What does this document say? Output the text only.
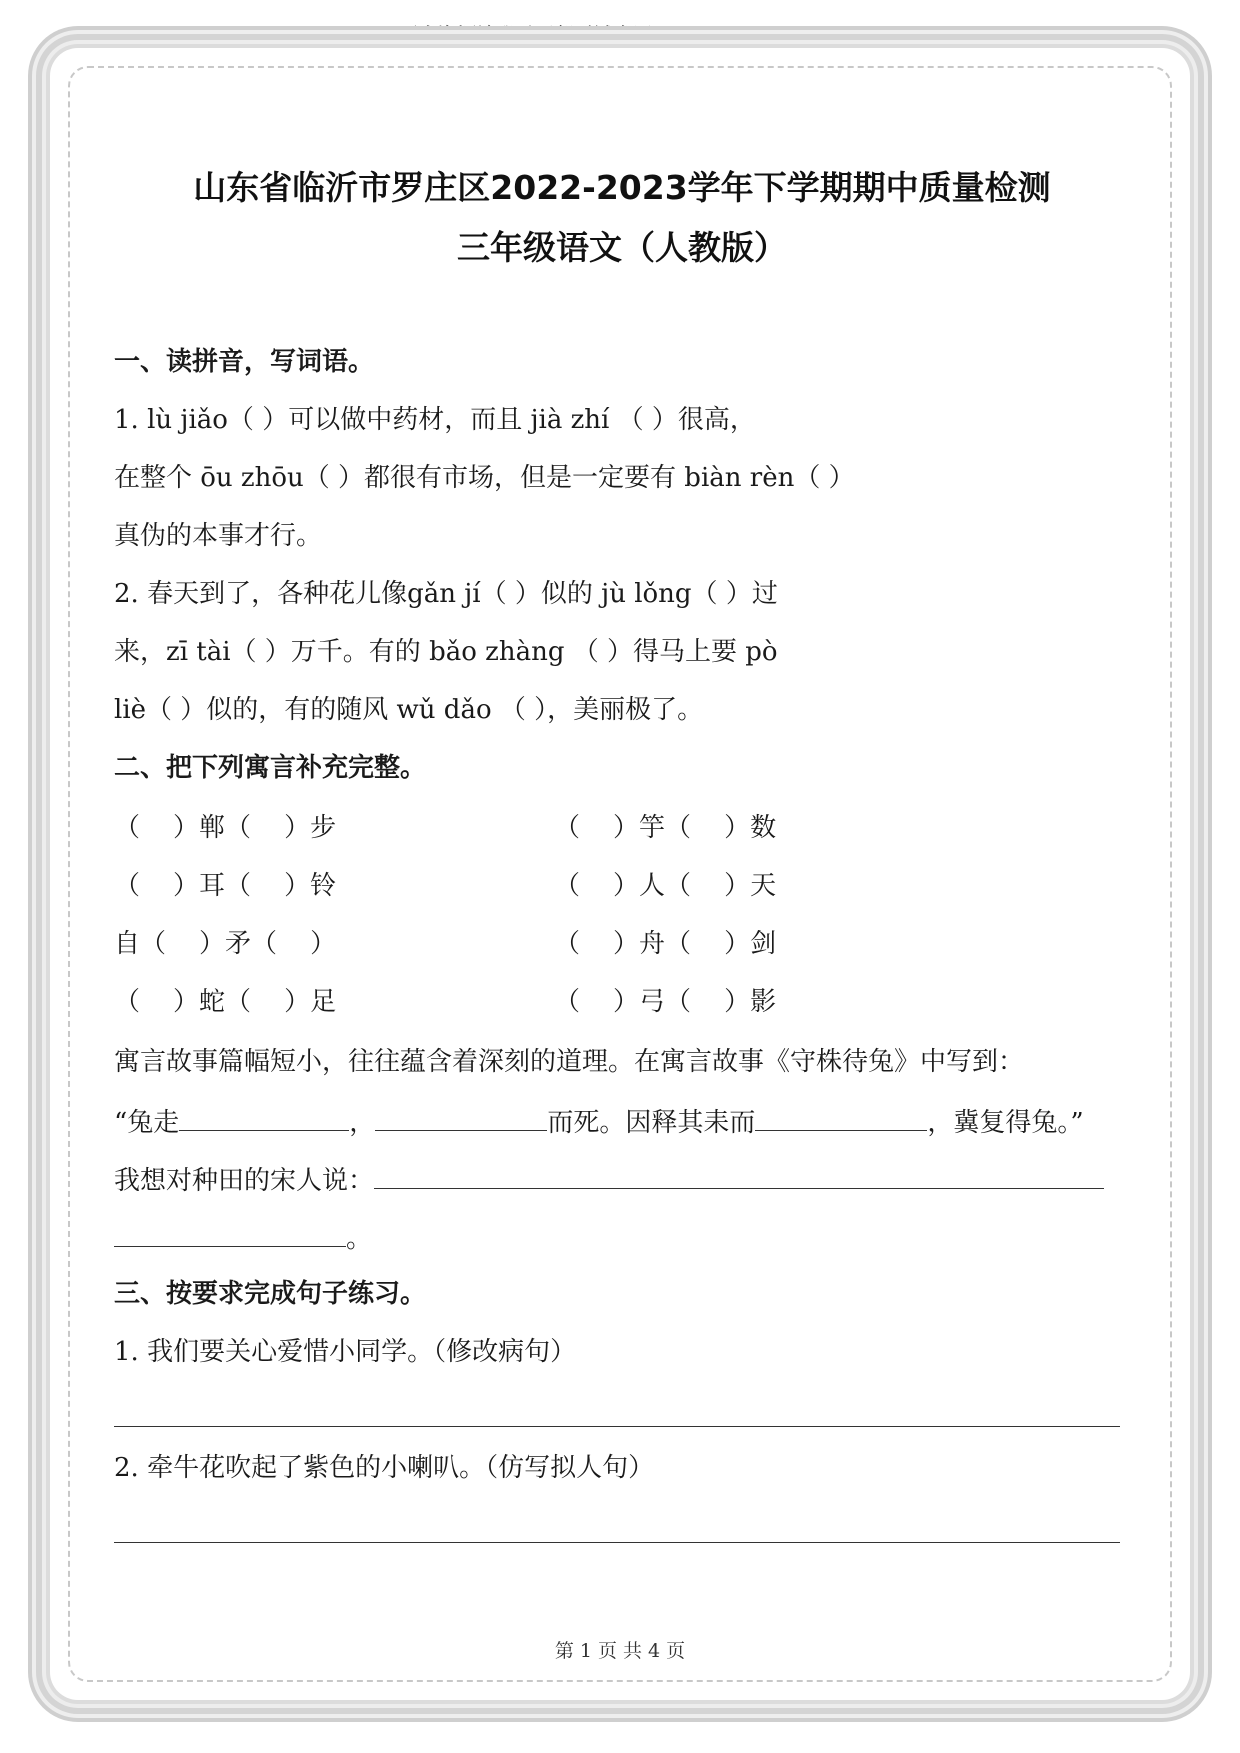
更多资源请登录王朝霞试卷网(www.wzxsjw.com)
山东省临沂市罗庄区2022-2023学年下学期期中质量检测
三年级语文（人教版）
一、读拼音，写词语。
1. lù jiǎo（ ）可以做中药材，而且 jià zhí （ ）很高，
在整个 ōu zhōu（ ）都很有市场，但是一定要有 biàn rèn（ ）
真伪的本事才行。
2. 春天到了，各种花儿像gǎn jí（ ）似的 jù lǒng（ ）过
来，zī tài（ ）万千。有的 bǎo zhàng （ ）得马上要 pò
liè（ ）似的，有的随风 wǔ dǎo （ ），美丽极了。
二、把下列寓言补充完整。
（    ）郸（    ）步	（    ）竽（    ）数
（    ）耳（    ）铃	（    ）人（    ）天
自（    ）矛（    ）	（    ）舟（    ）剑
（    ）蛇（    ）足	（    ）弓（    ）影
寓言故事篇幅短小，往往蕴含着深刻的道理。在寓言故事《守株待兔》中写到：
“兔走	，	而死。因释其耒而	，冀复得兔。”
我想对种田的宋人说：
。
三、按要求完成句子练习。
1. 我们要关心爱惜小同学。（修改病句）
2. 牵牛花吹起了紫色的小喇叭。（仿写拟人句）
第 1 页 共 4 页
